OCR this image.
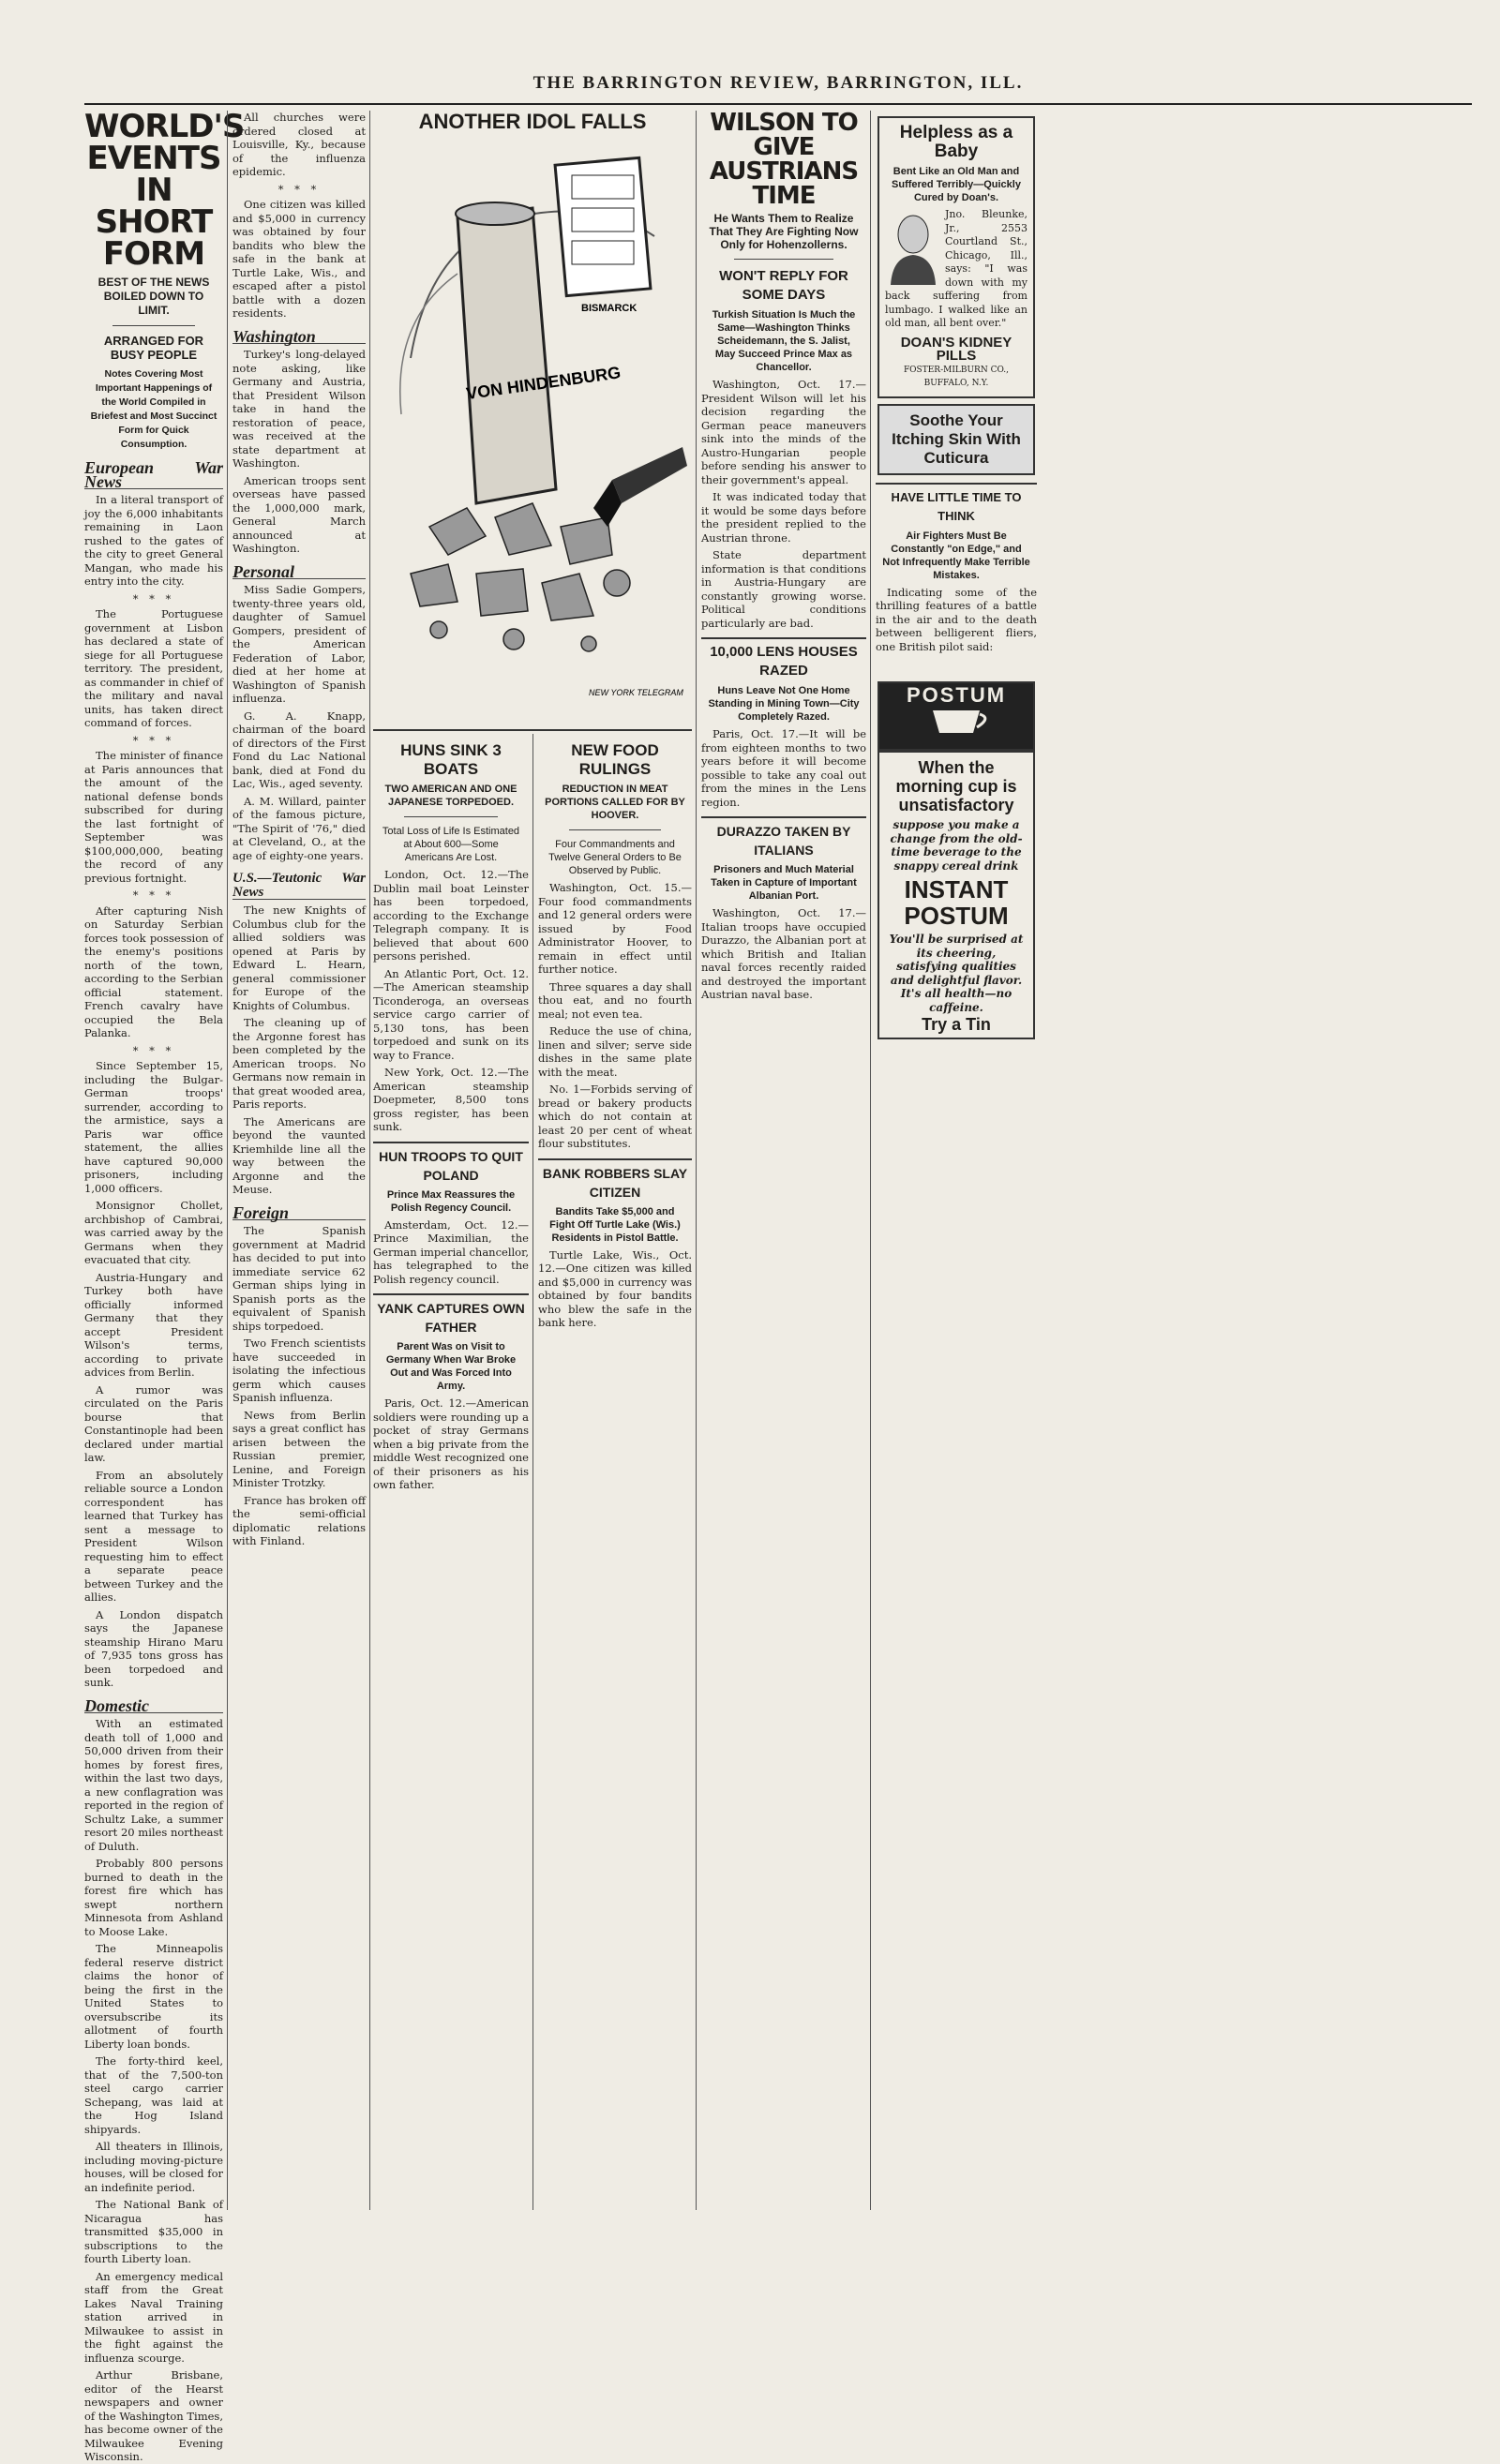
THE BARRINGTON REVIEW, BARRINGTON, ILL.
WORLD'S EVENTS IN SHORT FORM
BEST OF THE NEWS BOILED DOWN TO LIMIT.
ARRANGED FOR BUSY PEOPLE
Notes Covering Most Important Happenings of the World Compiled in Briefest and Most Succinct Form for Quick Consumption.
European War News

In a literal transport of joy the 6,000 inhabitants remaining in Laon rushed to the gates of the city to greet General Mangan, who made his entry into the city.

* * *

The Portuguese government at Lisbon has declared a state of siege for all Portuguese territory. The president, as commander in chief of the military and naval units, has taken direct command of forces.

* * *

The minister of finance at Paris announces that the amount of the national defense bonds subscribed for during the last fortnight of September was $100,000,000, beating the record of any previous fortnight.

* * *

After capturing Nish on Saturday Serbian forces took possession of the enemy's positions north of the town, according to the Serbian official statement. French cavalry have occupied the Bela Palanka.

* * *

Since September 15, including the Bulgar-German troops' surrender, according to the armistice, says a Paris war office statement, the allies have captured 90,000 prisoners, including 1,000 officers.

Monsignor Chollet, archbishop of Cambrai, was carried away by the Germans when they evacuated that city.

Austria-Hungary and Turkey both have officially informed Germany that they accept President Wilson's terms, according to private advices from Berlin.

A rumor was circulated on the Paris bourse that Constantinople had been declared under martial law.

From an absolutely reliable source a London correspondent has learned that Turkey has sent a message to President Wilson requesting him to effect a separate peace between Turkey and the allies.

A London dispatch says the Japanese steamship Hirano Maru of 7,935 tons gross has been torpedoed and sunk.

Domestic

With an estimated death toll of 1,000 and 50,000 driven from their homes by forest fires, within the last two days, a new conflagration was reported in the region of Schultz Lake, a summer resort 20 miles northeast of Duluth.

Probably 800 persons burned to death in the forest fire which has swept northern Minnesota from Ashland to Moose Lake.

The Minneapolis federal reserve district claims the honor of being the first in the United States to oversubscribe its allotment of fourth Liberty loan bonds.

The forty-third keel, that of the 7,500-ton steel cargo carrier Schepang, was laid at the Hog Island shipyards.

All theaters in Illinois, including moving-picture houses, will be closed for an indefinite period.

The National Bank of Nicaragua has transmitted $35,000 in subscriptions to the fourth Liberty loan.

An emergency medical staff from the Great Lakes Naval Training station arrived in Milwaukee to assist in the fight against the influenza scourge.

Arthur Brisbane, editor of the Hearst newspapers and owner of the Washington Times, has become owner of the Milwaukee Evening Wisconsin.

All churches were ordered closed at Louisville, Ky., because of the influenza epidemic.

* * *

One citizen was killed and $5,000 in currency was obtained by four bandits who blew the safe in the bank at Turtle Lake, Wis., and escaped after a pistol battle with a dozen residents.

Washington

Turkey's long-delayed note asking, like Germany and Austria, that President Wilson take in hand the restoration of peace, was received at the state department at Washington.

American troops sent overseas have passed the 1,000,000 mark, General March announced at Washington.

Personal

Miss Sadie Gompers, twenty-three years old, daughter of Samuel Gompers, president of the American Federation of Labor, died at her home at Washington of Spanish influenza.

G. A. Knapp, chairman of the board of directors of the First Fond du Lac National bank, died at Fond du Lac, Wis., aged seventy.

A. M. Willard, painter of the famous picture, "The Spirit of '76," died at Cleveland, O., at the age of eighty-one years.

U.S.—Teutonic War News

The new Knights of Columbus club for the allied soldiers was opened at Paris by Edward L. Hearn, general commissioner for Europe of the Knights of Columbus.

The cleaning up of the Argonne forest has been completed by the American troops. No Germans now remain in that great wooded area, Paris reports.

The Americans are beyond the vaunted Kriemhilde line all the way between the Argonne and the Meuse.

Foreign

The Spanish government at Madrid has decided to put into immediate service 62 German ships lying in Spanish ports as the equivalent of Spanish ships torpedoed.

Two French scientists have succeeded in isolating the infectious germ which causes Spanish influenza.

News from Berlin says a great conflict has arisen between the Russian premier, Lenine, and Foreign Minister Trotzky.

France has broken off the semi-official diplomatic relations with Finland.

ANOTHER IDOL FALLS
BISMARCK
VON HINDENBURG
NEW YORK TELEGRAM
HUNS SINK 3 BOATS
TWO AMERICAN AND ONE JAPANESE TORPEDOED.
Total Loss of Life Is Estimated at About 600—Some Americans Are Lost.

London, Oct. 12.—The Dublin mail boat Leinster has been torpedoed, according to the Exchange Telegraph company. It is believed that about 600 persons perished.

An Atlantic Port, Oct. 12.—The American steamship Ticonderoga, an overseas service cargo carrier of 5,130 tons, has been torpedoed and sunk on its way to France.

New York, Oct. 12.—The American steamship Doepmeter, 8,500 tons gross register, has been sunk.

HUN TROOPS TO QUIT POLAND
Prince Max Reassures the Polish Regency Council.

Amsterdam, Oct. 12.—Prince Maximilian, the German imperial chancellor, has telegraphed to the Polish regency council.

YANK CAPTURES OWN FATHER
Parent Was on Visit to Germany When War Broke Out and Was Forced Into Army.

Paris, Oct. 12.—American soldiers were rounding up a pocket of stray Germans when a big private from the middle West recognized one of their prisoners as his own father.

NEW FOOD RULINGS
REDUCTION IN MEAT PORTIONS CALLED FOR BY HOOVER.
Four Commandments and Twelve General Orders to Be Observed by Public.

Washington, Oct. 15.—Four food commandments and 12 general orders were issued by Food Administrator Hoover, to remain in effect until further notice.

Three squares a day shall thou eat, and no fourth meal; not even tea.

Reduce the use of china, linen and silver; serve side dishes in the same plate with the meat.

No. 1—Forbids serving of bread or bakery products which do not contain at least 20 per cent of wheat flour substitutes.

BANK ROBBERS SLAY CITIZEN
Bandits Take $5,000 and Fight Off Turtle Lake (Wis.) Residents in Pistol Battle.

Turtle Lake, Wis., Oct. 12.—One citizen was killed and $5,000 in currency was obtained by four bandits who blew the safe in the bank here.

WILSON TO GIVE AUSTRIANS TIME
He Wants Them to Realize That They Are Fighting Now Only for Hohenzollerns.
WON'T REPLY FOR SOME DAYS
Turkish Situation Is Much the Same—Washington Thinks Scheidemann, the S. Jalist, May Succeed Prince Max as Chancellor.

Washington, Oct. 17.—President Wilson will let his decision regarding the German peace maneuvers sink into the minds of the Austro-Hungarian people before sending his answer to their government's appeal.

It was indicated today that it would be some days before the president replied to the Austrian throne.

State department information is that conditions in Austria-Hungary are constantly growing worse. Political conditions particularly are bad.

10,000 LENS HOUSES RAZED
Huns Leave Not One Home Standing in Mining Town—City Completely Razed.

Paris, Oct. 17.—It will be from eighteen months to two years before it will become possible to take any coal out from the mines in the Lens region.

DURAZZO TAKEN BY ITALIANS
Prisoners and Much Material Taken in Capture of Important Albanian Port.

Washington, Oct. 17.—Italian troops have occupied Durazzo, the Albanian port at which British and Italian naval forces recently raided and destroyed the important Austrian naval base.

Helpless as a Baby
Bent Like an Old Man and Suffered Terribly—Quickly Cured by Doan's.
Jno. Bleunke, Jr., 2553 Courtland St., Chicago, Ill., says: "I was down with my back suffering from lumbago. I walked like an old man, all bent over."
DOAN'S KIDNEY PILLS
FOSTER-MILBURN CO., BUFFALO, N.Y.
Soothe Your Itching Skin With Cuticura
HAVE LITTLE TIME TO THINK
Air Fighters Must Be Constantly "on Edge," and Not Infrequently Make Terrible Mistakes.

Indicating some of the thrilling features of a battle in the air and to the death between belligerent fliers, one British pilot said:

POSTUM
When the morning cup is unsatisfactory
suppose you make a change from the old-time beverage to the snappy cereal drink
INSTANT POSTUM
You'll be surprised at its cheering, satisfying qualities and delightful flavor. It's all health—no caffeine.
Try a Tin
